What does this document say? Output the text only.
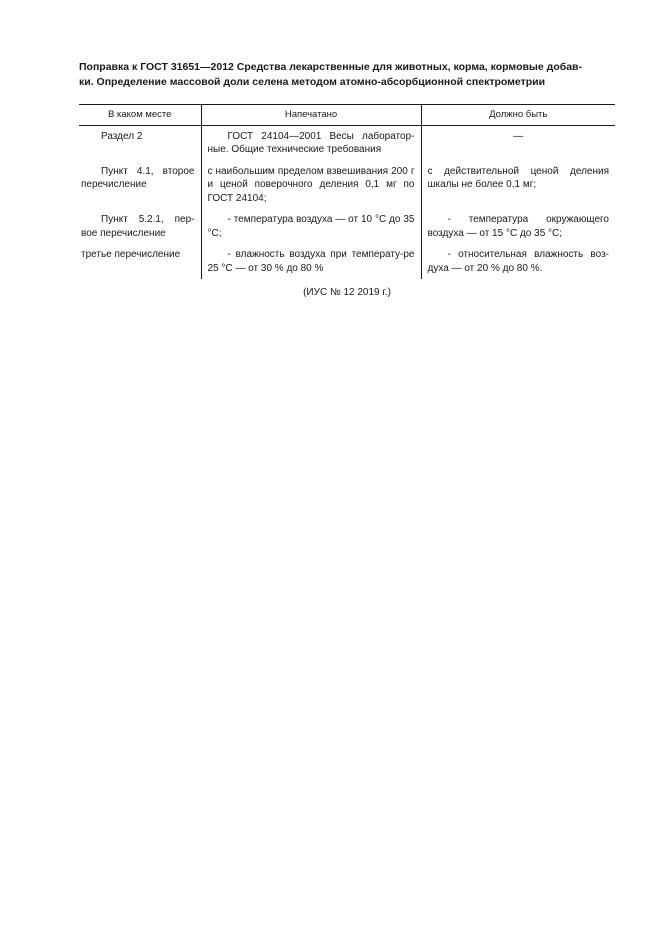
Поправка к ГОСТ 31651—2012 Средства лекарственные для животных, корма, кормовые добав-
ки. Определение массовой доли селена методом атомно-абсорбционной спектрометрии
В каком месте	Напечатано	Должно быть
Раздел 2	ГОСТ 24104—2001 Весы лаборатор-ные. Общие технические требования	—
Пункт 4.1, второе перечисление	с наибольшим пределом взвешивания 200 г и ценой поверочного деления 0,1 мг по ГОСТ 24104;	с действительной ценой деления шкалы не более 0,1 мг;
Пункт 5.2.1, пер-вое перечисление	- температура воздуха — от 10 °С до 35 °С;	- температура окружающего воздуха — от 15 °С до 35 °С;
третье перечисление	- влажность воздуха при температу-ре 25 °С — от 30 % до 80 %	- относительная влажность воз-духа — от 20 % до 80 %.
(ИУС № 12 2019 г.)
